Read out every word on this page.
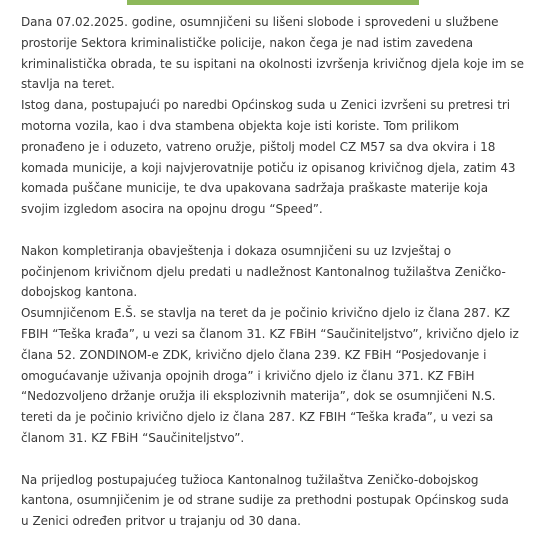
Dana 07.02.2025. godine, osumnjičeni su lišeni slobode i sprovedeni u službene
prostorije Sektora kriminalističke policije, nakon čega je nad istim zavedena
kriminalistička obrada, te su ispitani na okolnosti izvršenja krivičnog djela koje im se
stavlja na teret.

Istog dana, postupajući po naredbi Općinskog suda u Zenici izvršeni su pretresi tri
motorna vozila, kao i dva stambena objekta koje isti koriste. Tom prilikom
pronađeno je i oduzeto, vatreno oružje, pištolj model CZ M57 sa dva okvira i 18
komada municije, a koji najvjerovatnije potiču iz opisanog krivičnog djela, zatim 43
komada puščane municije, te dva upakovana sadržaja praškaste materije koja
svojim izgledom asocira na opojnu drogu “Speed”.

Nakon kompletiranja obavještenja i dokaza osumnjičeni su uz Izvještaj o
počinjenom krivičnom djelu predati u nadležnost Kantonalnog tužilaštva Zeničko-
dobojskog kantona.

Osumnjičenom E.Š. se stavlja na teret da je počinio krivično djelo iz člana 287. KZ
FBIH “Teška krađa”, u vezi sa članom 31. KZ FBiH “Saučiniteljstvo”, krivično djelo iz
člana 52. ZONDINOM-e ZDK, krivično djelo člana 239. KZ FBiH “Posjedovanje i
omogućavanje uživanja opojnih droga” i krivično djelo iz članu 371. KZ FBiH
“Nedozvoljeno držanje oružja ili eksplozivnih materija”, dok se osumnjičeni N.S.
tereti da je počinio krivično djelo iz člana 287. KZ FBIH “Teška krađa”, u vezi sa
članom 31. KZ FBiH “Saučiniteljstvo”.

Na prijedlog postupajućeg tužioca Kantonalnog tužilaštva Zeničko-dobojskog
kantona, osumnjičenim je od strane sudije za prethodni postupak Općinskog suda
u Zenici određen pritvor u trajanju od 30 dana.
